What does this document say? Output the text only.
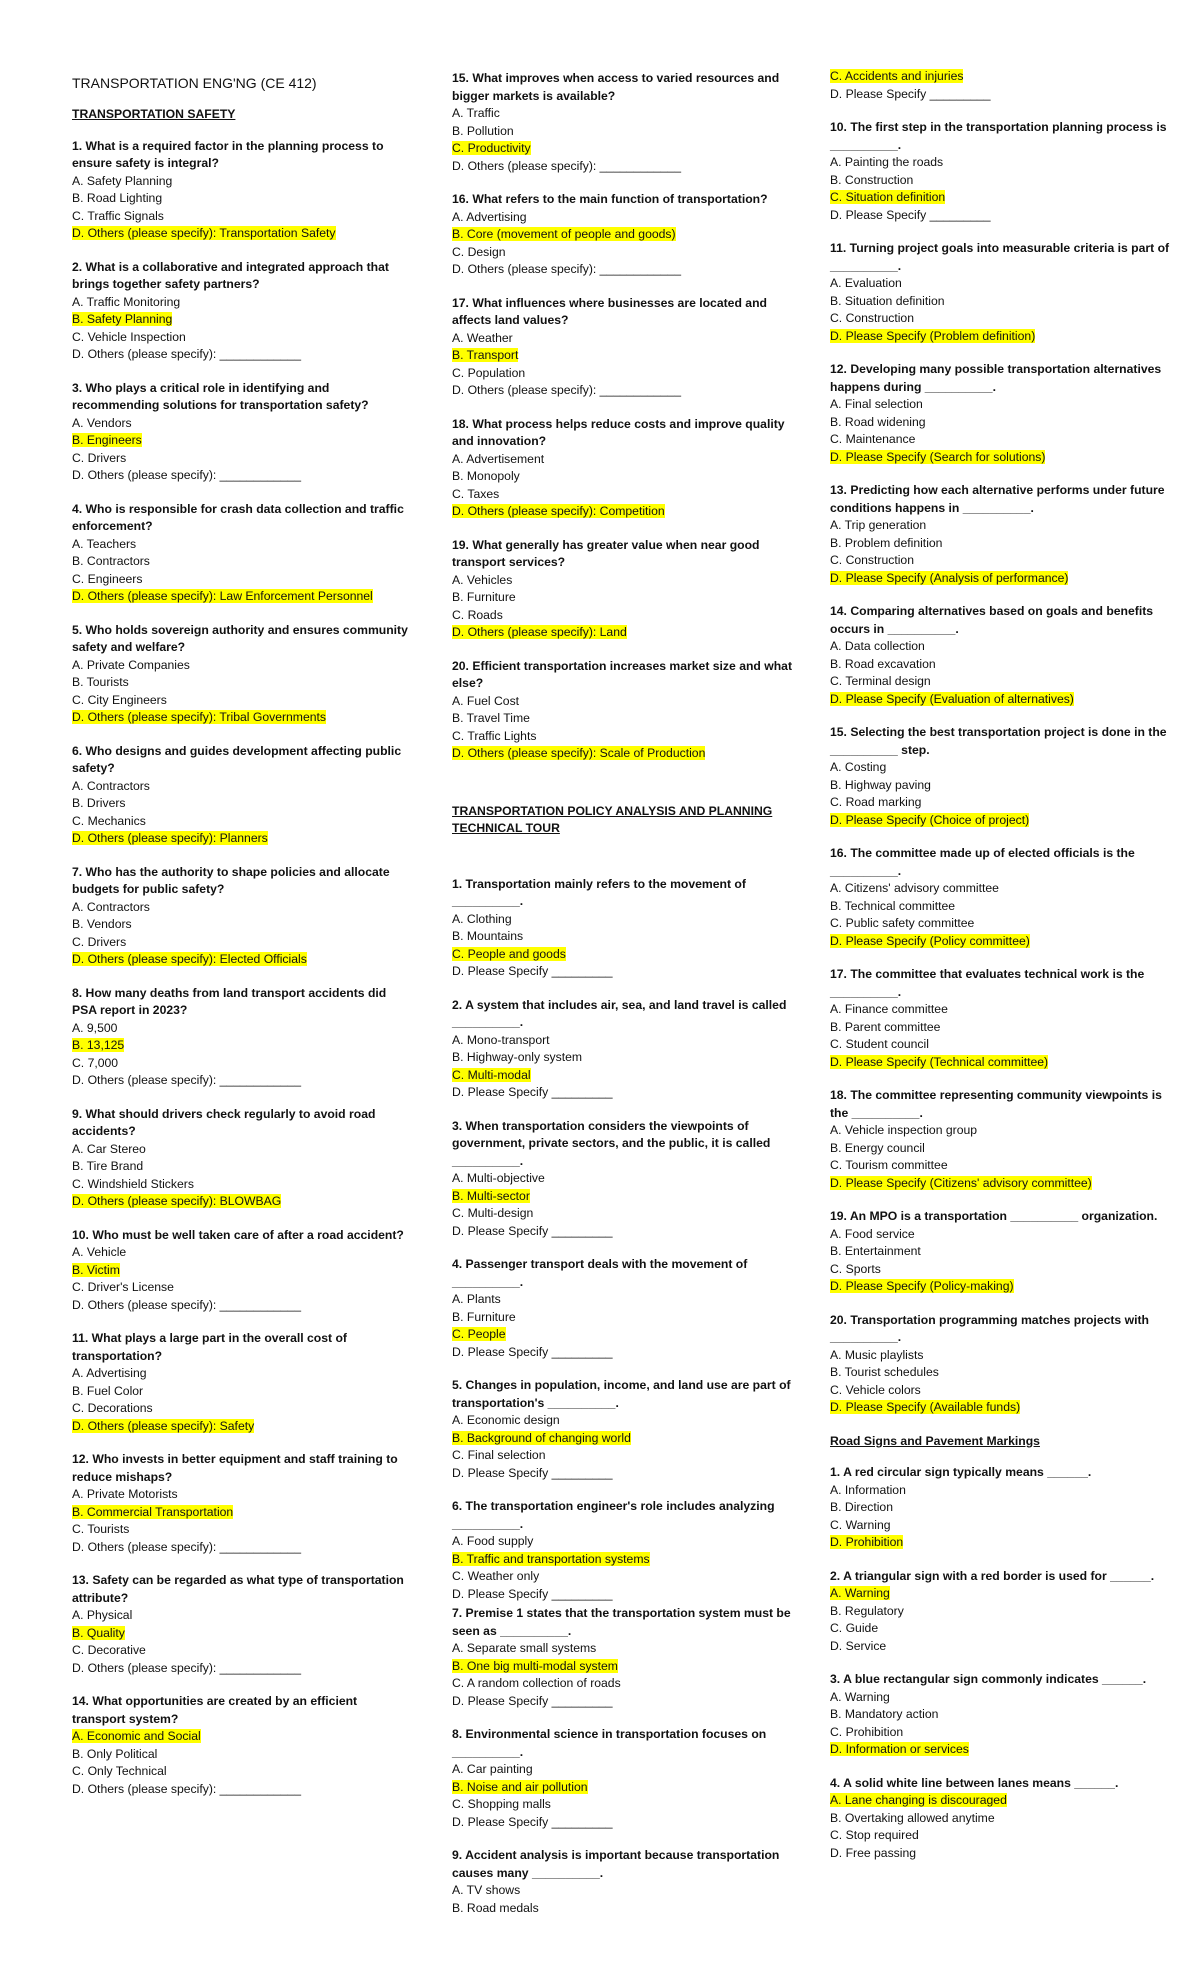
TRANSPORTATION ENG'NG (CE 412)
TRANSPORTATION SAFETY
1. What is a required factor in the planning process to ensure safety is integral?
A. Safety Planning
B. Road Lighting
C. Traffic Signals
D. Others (please specify): Transportation Safety
2. What is a collaborative and integrated approach that brings together safety partners?
A. Traffic Monitoring
B. Safety Planning
C. Vehicle Inspection
D. Others (please specify): ____________
3. Who plays a critical role in identifying and recommending solutions for transportation safety?
A. Vendors
B. Engineers
C. Drivers
D. Others (please specify): ____________
4. Who is responsible for crash data collection and traffic enforcement?
A. Teachers
B. Contractors
C. Engineers
D. Others (please specify): Law Enforcement Personnel
5. Who holds sovereign authority and ensures community safety and welfare?
A. Private Companies
B. Tourists
C. City Engineers
D. Others (please specify): Tribal Governments
6. Who designs and guides development affecting public safety?
A. Contractors
B. Drivers
C. Mechanics
D. Others (please specify): Planners
7. Who has the authority to shape policies and allocate budgets for public safety?
A. Contractors
B. Vendors
C. Drivers
D. Others (please specify): Elected Officials
8. How many deaths from land transport accidents did PSA report in 2023?
A. 9,500
B. 13,125
C. 7,000
D. Others (please specify): ____________
9. What should drivers check regularly to avoid road accidents?
A. Car Stereo
B. Tire Brand
C. Windshield Stickers
D. Others (please specify): BLOWBAG
10. Who must be well taken care of after a road accident?
A. Vehicle
B. Victim
C. Driver's License
D. Others (please specify): ____________
11. What plays a large part in the overall cost of transportation?
A. Advertising
B. Fuel Color
C. Decorations
D. Others (please specify): Safety
12. Who invests in better equipment and staff training to reduce mishaps?
A. Private Motorists
B. Commercial Transportation
C. Tourists
D. Others (please specify): ____________
13. Safety can be regarded as what type of transportation attribute?
A. Physical
B. Quality
C. Decorative
D. Others (please specify): ____________
14. What opportunities are created by an efficient transport system?
A. Economic and Social
B. Only Political
C. Only Technical
D. Others (please specify): ____________
15. What improves when access to varied resources and bigger markets is available?
A. Traffic
B. Pollution
C. Productivity
D. Others (please specify): ____________
16. What refers to the main function of transportation?
A. Advertising
B. Core (movement of people and goods)
C. Design
D. Others (please specify): ____________
17. What influences where businesses are located and affects land values?
A. Weather
B. Transport
C. Population
D. Others (please specify): ____________
18. What process helps reduce costs and improve quality and innovation?
A. Advertisement
B. Monopoly
C. Taxes
D. Others (please specify): Competition
19. What generally has greater value when near good transport services?
A. Vehicles
B. Furniture
C. Roads
D. Others (please specify): Land
20. Efficient transportation increases market size and what else?
A. Fuel Cost
B. Travel Time
C. Traffic Lights
D. Others (please specify): Scale of Production
TRANSPORTATION POLICY ANALYSIS AND PLANNING TECHNICAL TOUR
1. Transportation mainly refers to the movement of __________.
A. Clothing
B. Mountains
C. People and goods
D. Please Specify _________
2. A system that includes air, sea, and land travel is called __________.
A. Mono-transport
B. Highway-only system
C. Multi-modal
D. Please Specify _________
3. When transportation considers the viewpoints of government, private sectors, and the public, it is called __________.
A. Multi-objective
B. Multi-sector
C. Multi-design
D. Please Specify _________
4. Passenger transport deals with the movement of __________.
A. Plants
B. Furniture
C. People
D. Please Specify _________
5. Changes in population, income, and land use are part of transportation's __________.
A. Economic design
B. Background of changing world
C. Final selection
D. Please Specify _________
6. The transportation engineer's role includes analyzing __________.
A. Food supply
B. Traffic and transportation systems
C. Weather only
D. Please Specify _________
7. Premise 1 states that the transportation system must be seen as __________.
A. Separate small systems
B. One big multi-modal system
C. A random collection of roads
D. Please Specify _________
8. Environmental science in transportation focuses on __________.
A. Car painting
B. Noise and air pollution
C. Shopping malls
D. Please Specify _________
9. Accident analysis is important because transportation causes many __________.
A. TV shows
B. Road medals
C. Accidents and injuries
D. Please Specify _________
10. The first step in the transportation planning process is __________.
A. Painting the roads
B. Construction
C. Situation definition
D. Please Specify _________
11. Turning project goals into measurable criteria is part of __________.
A. Evaluation
B. Situation definition
C. Construction
D. Please Specify (Problem definition)
12. Developing many possible transportation alternatives happens during __________.
A. Final selection
B. Road widening
C. Maintenance
D. Please Specify (Search for solutions)
13. Predicting how each alternative performs under future conditions happens in __________.
A. Trip generation
B. Problem definition
C. Construction
D. Please Specify (Analysis of performance)
14. Comparing alternatives based on goals and benefits occurs in __________.
A. Data collection
B. Road excavation
C. Terminal design
D. Please Specify (Evaluation of alternatives)
15. Selecting the best transportation project is done in the __________ step.
A. Costing
B. Highway paving
C. Road marking
D. Please Specify (Choice of project)
16. The committee made up of elected officials is the __________.
A. Citizens' advisory committee
B. Technical committee
C. Public safety committee
D. Please Specify (Policy committee)
17. The committee that evaluates technical work is the __________.
A. Finance committee
B. Parent committee
C. Student council
D. Please Specify (Technical committee)
18. The committee representing community viewpoints is the __________.
A. Vehicle inspection group
B. Energy council
C. Tourism committee
D. Please Specify (Citizens' advisory committee)
19. An MPO is a transportation __________ organization.
A. Food service
B. Entertainment
C. Sports
D. Please Specify (Policy-making)
20. Transportation programming matches projects with __________.
A. Music playlists
B. Tourist schedules
C. Vehicle colors
D. Please Specify (Available funds)
Road Signs and Pavement Markings
1. A red circular sign typically means ______.
A. Information
B. Direction
C. Warning
D. Prohibition
2. A triangular sign with a red border is used for ______.
A. Warning
B. Regulatory
C. Guide
D. Service
3. A blue rectangular sign commonly indicates ______.
A. Warning
B. Mandatory action
C. Prohibition
D. Information or services
4. A solid white line between lanes means ______.
A. Lane changing is discouraged
B. Overtaking allowed anytime
C. Stop required
D. Free passing
